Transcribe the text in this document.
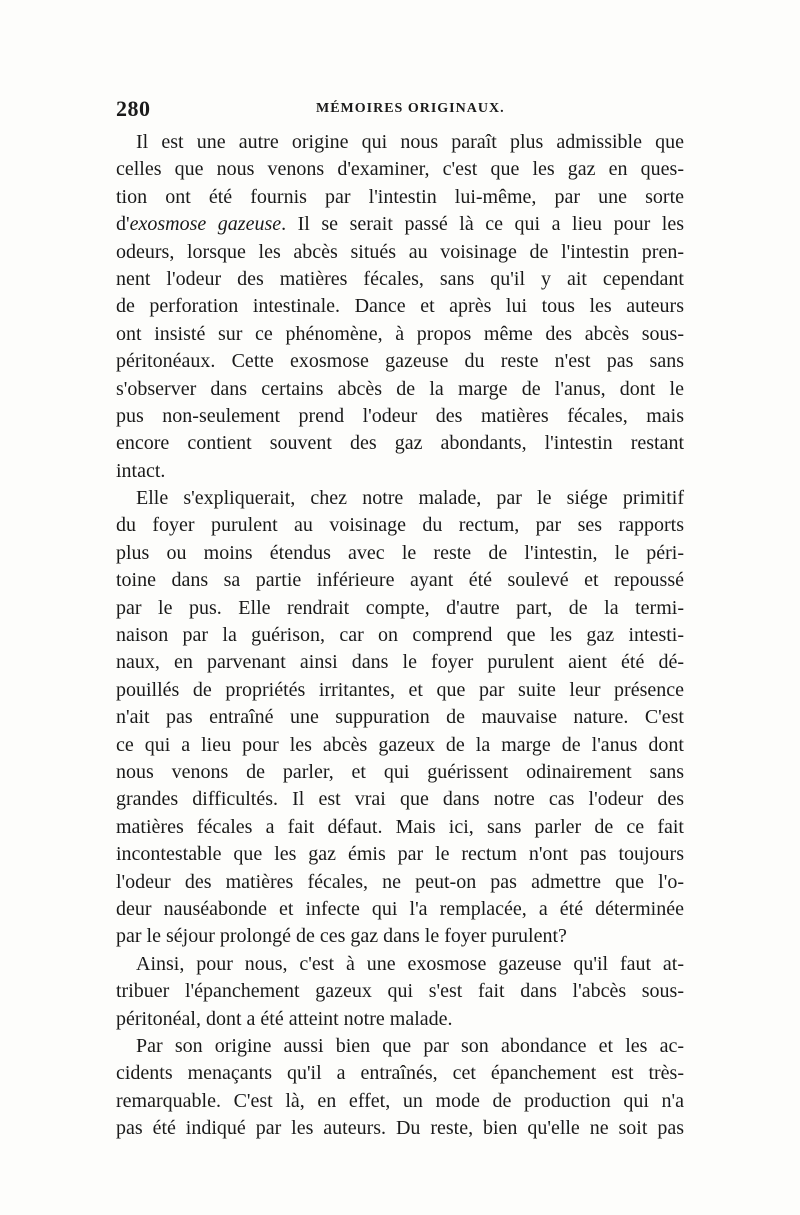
280	MÉMOIRES ORIGINAUX.
Il est une autre origine qui nous paraît plus admissible que
celles que nous venons d'examiner, c'est que les gaz en ques-
tion ont été fournis par l'intestin lui-même, par une sorte
d'exosmose gazeuse. Il se serait passé là ce qui a lieu pour les
odeurs, lorsque les abcès situés au voisinage de l'intestin pren-
nent l'odeur des matières fécales, sans qu'il y ait cependant
de perforation intestinale. Dance et après lui tous les auteurs
ont insisté sur ce phénomène, à propos même des abcès sous-
péritonéaux. Cette exosmose gazeuse du reste n'est pas sans
s'observer dans certains abcès de la marge de l'anus, dont le
pus non-seulement prend l'odeur des matières fécales, mais
encore contient souvent des gaz abondants, l'intestin restant
intact.
Elle s'expliquerait, chez notre malade, par le siége primitif
du foyer purulent au voisinage du rectum, par ses rapports
plus ou moins étendus avec le reste de l'intestin, le péri-
toine dans sa partie inférieure ayant été soulevé et repoussé
par le pus. Elle rendrait compte, d'autre part, de la termi-
naison par la guérison, car on comprend que les gaz intesti-
naux, en parvenant ainsi dans le foyer purulent aient été dé-
pouillés de propriétés irritantes, et que par suite leur présence
n'ait pas entraîné une suppuration de mauvaise nature. C'est
ce qui a lieu pour les abcès gazeux de la marge de l'anus dont
nous venons de parler, et qui guérissent odinairement sans
grandes difficultés. Il est vrai que dans notre cas l'odeur des
matières fécales a fait défaut. Mais ici, sans parler de ce fait
incontestable que les gaz émis par le rectum n'ont pas toujours
l'odeur des matières fécales, ne peut-on pas admettre que l'o-
deur nauséabonde et infecte qui l'a remplacée, a été déterminée
par le séjour prolongé de ces gaz dans le foyer purulent?
Ainsi, pour nous, c'est à une exosmose gazeuse qu'il faut at-
tribuer l'épanchement gazeux qui s'est fait dans l'abcès sous-
péritonéal, dont a été atteint notre malade.
Par son origine aussi bien que par son abondance et les ac-
cidents menaçants qu'il a entraînés, cet épanchement est très-
remarquable. C'est là, en effet, un mode de production qui n'a
pas été indiqué par les auteurs. Du reste, bien qu'elle ne soit pas
